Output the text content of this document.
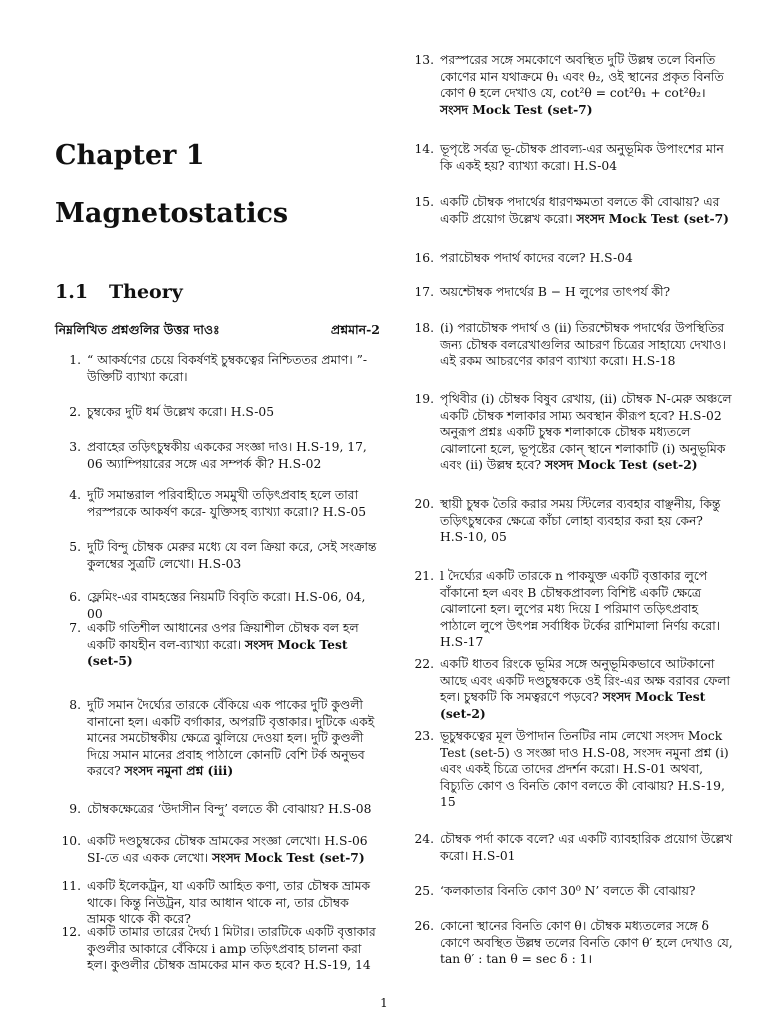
Chapter 1
Magnetostatics
1.1 Theory
নিম্নলিখিত প্রশ্নগুলির উত্তর দাওঃ	প্রশ্নমান-2
1. “ আকর্ষণের চেয়ে বিকর্ষণই চুম্বকত্বের নিশ্চিততর প্রমাণ। ”- উক্তিটি ব্যাখ্যা করো।
2. চুম্বকের দুটি ধর্ম উল্লেখ করো। H.S-05
3. প্রবাহের তড়িৎচুম্বকীয় এককের সংজ্ঞা দাও। H.S-19, 17, 06 অ্যাম্পিয়ারের সঙ্গে এর সম্পর্ক কী? H.S-02
4. দুটি সমান্তরাল পরিবাহীতে সমমুখী তড়িৎপ্রবাহ হলে তারা পরস্পরকে আকর্ষণ করে- যুক্তিসহ ব্যাখ্যা করো।? H.S-05
5. দুটি বিন্দু চৌম্বক মেরুর মধ্যে যে বল ক্রিয়া করে, সেই সংক্রান্ত কুলম্বের সুত্রটি লেখো। H.S-03
6. ফ্লেমিং-এর বামহস্তের নিয়মটি বিবৃতি করো। H.S-06, 04, 00
7. একটি গতিশীল আধানের ওপর ক্রিয়াশীল চৌম্বক বল হল একটি কাযহীন বল-ব্যাখ্যা করো। সংসদ Mock Test (set-5)
8. দুটি সমান দৈর্ঘ্যের তারকে বেঁকিয়ে এক পাকের দুটি কুণ্ডলী বানানো হল। একটি বর্গাকার, অপরটি বৃত্তাকার। দুটিকে একই মানের সমচৌম্বকীয় ক্ষেত্রে ঝুলিয়ে দেওয়া হল। দুটি কুণ্ডলী দিয়ে সমান মানের প্রবাহ পাঠালে কোনটি বেশি টর্ক অনুভব করবে? সংসদ নমুনা প্রশ্ন (iii)
9. চৌম্বকক্ষেত্রের ‘উদাসীন বিন্দু’ বলতে কী বোঝায়? H.S-08
10. একটি দণ্ডচুম্বকের চৌম্বক ভ্রামকের সংজ্ঞা লেখো। H.S-06 SI-তে এর একক লেখো। সংসদ Mock Test (set-7)
11. একটি ইলেকট্রন, যা একটি আহিত কণা, তার চৌম্বক ভ্রামক থাকে। কিন্তু নিউট্রন, যার আধান থাকে না, তার চৌম্বক ভ্রামক থাকে কী করে?
12. একটি তামার তারের দৈর্ঘ্য l মিটার। তারটিকে একটি বৃত্তাকার কুণ্ডলীর আকারে বেঁকিয়ে i amp তড়িৎপ্রবাহ চালনা করা হল। কুণ্ডলীর চৌম্বক ভ্রামকের মান কত হবে? H.S-19, 14
13. পরস্পরের সঙ্গে সমকোণে অবস্থিত দুটি উল্লম্ব তলে বিনতি কোণের মান যথাক্রমে θ₁ এবং θ₂, ওই স্থানের প্রকৃত বিনতি কোণ θ হলে দেখাও যে, cot²θ = cot²θ₁ + cot²θ₂। সংসদ Mock Test (set-7)
14. ভূপৃষ্টে সর্বত্র ভূ-চৌম্বক প্রাবল্য-এর অনুভূমিক উপাংশের মান কি একই হয়? ব্যাখ্যা করো। H.S-04
15. একটি চৌম্বক পদার্থের ধারণক্ষমতা বলতে কী বোঝায়? এর একটি প্রয়োগ উল্লেখ করো। সংসদ Mock Test (set-7)
16. পরাচৌম্বক পদার্থ কাদের বলে? H.S-04
17. অয়শ্চৌম্বক পদার্থের B − H লুপের তাৎপর্য কী?
18. (i) পরাচৌম্বক পদার্থ ও (ii) তিরশ্চৌম্বক পদার্থের উপস্থিতির জন্য চৌম্বক বলরেখাগুলির আচরণ চিত্রের সাহায্যে দেখাও। এই রকম আচরণের কারণ ব্যাখ্যা করো। H.S-18
19. পৃথিবীর (i) চৌম্বক বিষুব রেখায়, (ii) চৌম্বক N-মেরু অঞ্চলে একটি চৌম্বক শলাকার সাম্য অবস্থান কীরূপ হবে? H.S-02 অনুরূপ প্রশ্নঃ একটি চুম্বক শলাকাকে চৌম্বক মধ্যতলে ঝোলানো হলে, ভূপৃষ্টের কোন্ স্থানে শলাকাটি (i) অনুভূমিক এবং (ii) উল্লম্ব হবে? সংসদ Mock Test (set-2)
20. স্থায়ী চুম্বক তৈরি করার সময় স্টিলের ব্যবহার বাঞ্ছনীয়, কিন্তু তড়িৎচুম্বকের ক্ষেত্রে কাঁচা লোহা ব্যবহার করা হয় কেন? H.S-10, 05
21. l দৈর্ঘ্যের একটি তারকে n পাকযুক্ত একটি বৃত্তাকার লুপে বাঁকানো হল এবং B চৌম্বকপ্রাবল্য বিশিষ্ট একটি ক্ষেত্রে ঝোলানো হল। লুপের মধ্য দিয়ে I পরিমাণ তড়িৎপ্রবাহ পাঠালে লুপে উৎপন্ন সর্বাধিক টর্কের রাশিমালা নির্ণয় করো। H.S-17
22. একটি ধাতব রিংকে ভূমির সঙ্গে অনুভূমিকভাবে আটকানো আছে এবং একটি দণ্ডচুম্বককে ওই রিং-এর অক্ষ বরাবর ফেলা হল। চুম্বকটি কি সমত্বরণে পড়বে? সংসদ Mock Test (set-2)
23. ভূচুম্বকত্বের মূল উপাদান তিনটির নাম লেখো সংসদ Mock Test (set-5) ও সংজ্ঞা দাও H.S-08, সংসদ নমুনা প্রশ্ন (i) এবং একই চিত্রে তাদের প্রদর্শন করো। H.S-01 অথবা, বিচ্যুতি কোণ ও বিনতি কোণ বলতে কী বোঝায়? H.S-19, 15
24. চৌম্বক পর্দা কাকে বলে? এর একটি ব্যাবহারিক প্রয়োগ উল্লেখ করো। H.S-01
25. ‘কলকাতার বিনতি কোণ 30⁰ N’ বলতে কী বোঝায়?
26. কোনো স্থানের বিনতি কোণ θ। চৌম্বক মধ্যতলের সঙ্গে δ কোণে অবস্থিত উল্লম্ব তলের বিনতি কোণ θ′ হলে দেখাও যে, tan θ′ : tan θ = sec δ : 1।
1
